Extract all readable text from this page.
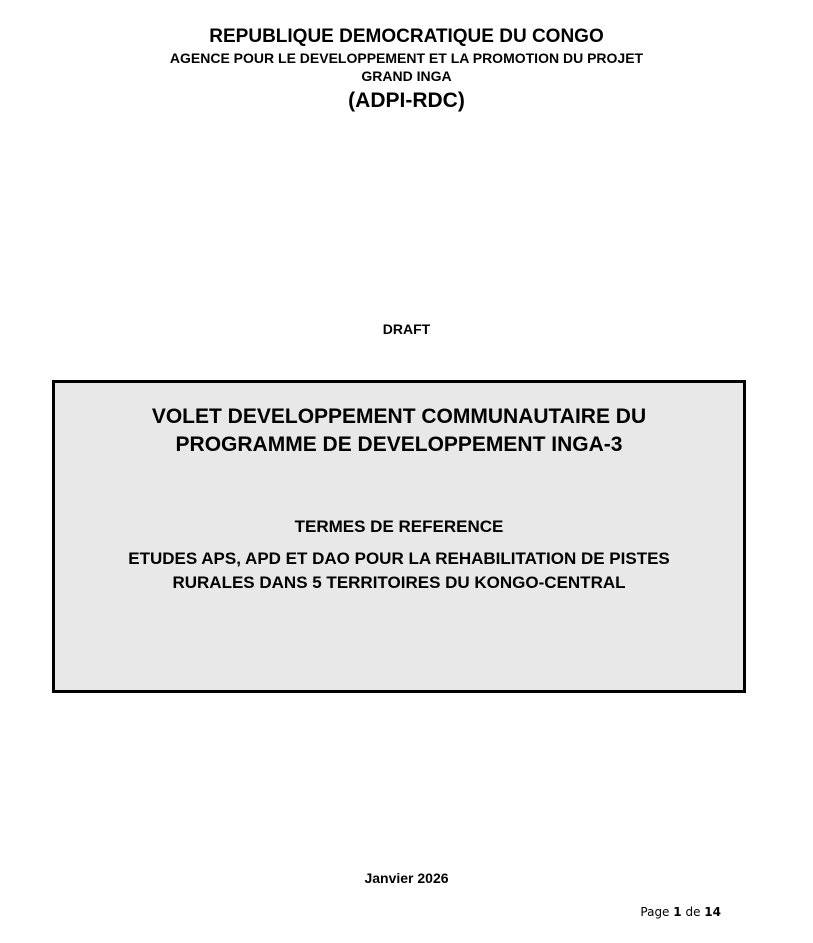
REPUBLIQUE DEMOCRATIQUE DU CONGO
AGENCE POUR LE DEVELOPPEMENT ET LA PROMOTION DU PROJET
GRAND INGA
(ADPI-RDC)
DRAFT
VOLET DEVELOPPEMENT COMMUNAUTAIRE DU
PROGRAMME DE DEVELOPPEMENT INGA-3
TERMES DE REFERENCE
ETUDES APS, APD ET DAO POUR LA REHABILITATION DE PISTES
RURALES DANS 5 TERRITOIRES DU KONGO-CENTRAL
Janvier 2026
Page 1 de 14
